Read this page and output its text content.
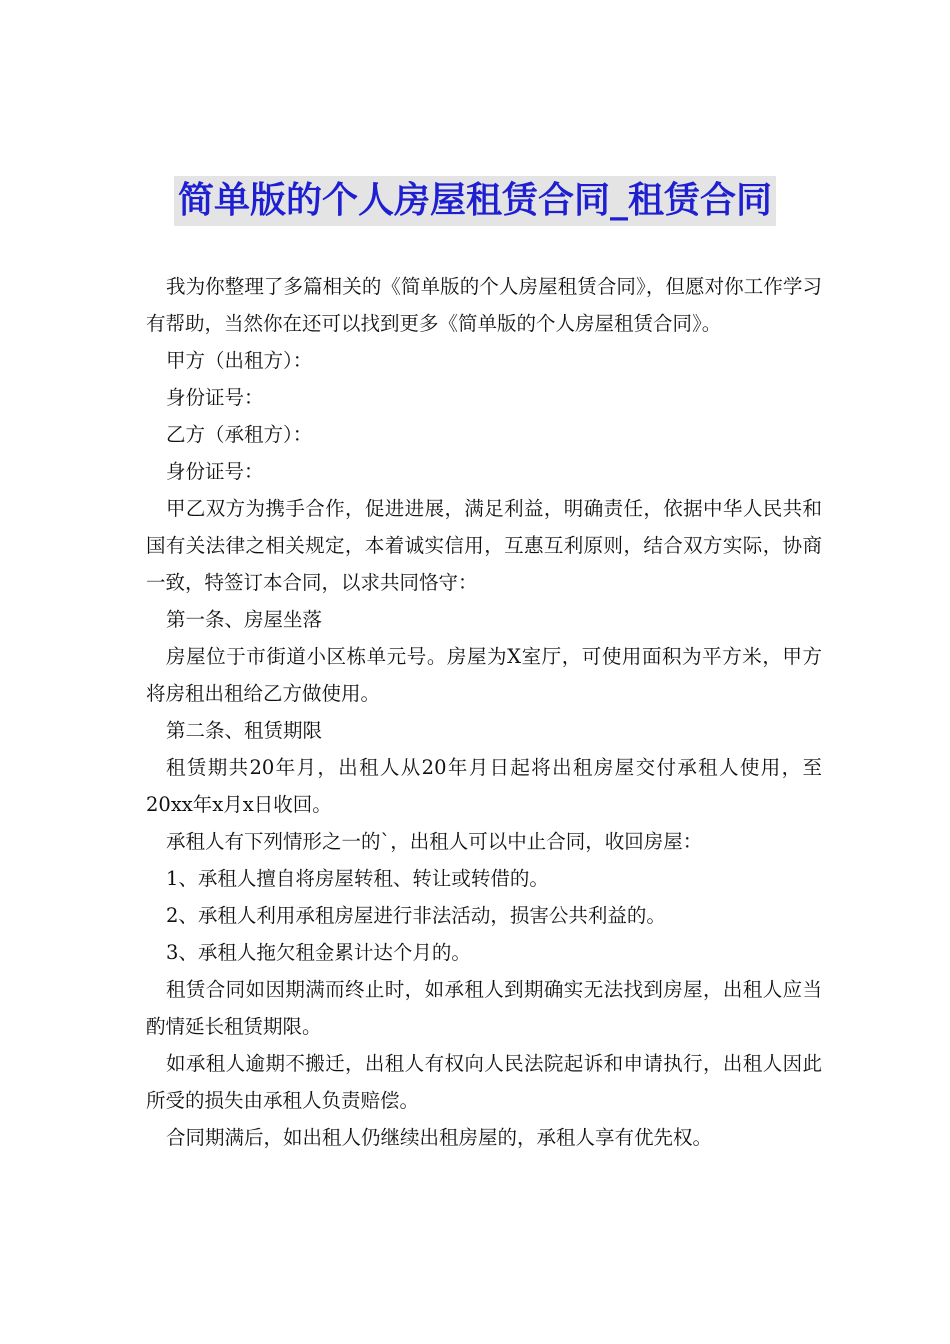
简单版的个人房屋租赁合同_租赁合同

我为你整理了多篇相关的《简单版的个人房屋租赁合同》，但愿对你工作学习有帮助，当然你在还可以找到更多《简单版的个人房屋租赁合同》。

甲方（出租方）：

身份证号：

乙方（承租方）：

身份证号：

甲乙双方为携手合作，促进进展，满足利益，明确责任，依据中华人民共和国有关法律之相关规定，本着诚实信用，互惠互利原则，结合双方实际，协商一致，特签订本合同，以求共同恪守：

第一条、房屋坐落

房屋位于市街道小区栋单元号。房屋为X室厅，可使用面积为平方米，甲方将房租出租给乙方做使用。

第二条、租赁期限

租赁期共20年月，出租人从20年月日起将出租房屋交付承租人使用，至20xx年x月x日收回。

承租人有下列情形之一的`，出租人可以中止合同，收回房屋：

1、承租人擅自将房屋转租、转让或转借的。

2、承租人利用承租房屋进行非法活动，损害公共利益的。

3、承租人拖欠租金累计达个月的。

租赁合同如因期满而终止时，如承租人到期确实无法找到房屋，出租人应当酌情延长租赁期限。

如承租人逾期不搬迁，出租人有权向人民法院起诉和申请执行，出租人因此所受的损失由承租人负责赔偿。

合同期满后，如出租人仍继续出租房屋的，承租人享有优先权。
